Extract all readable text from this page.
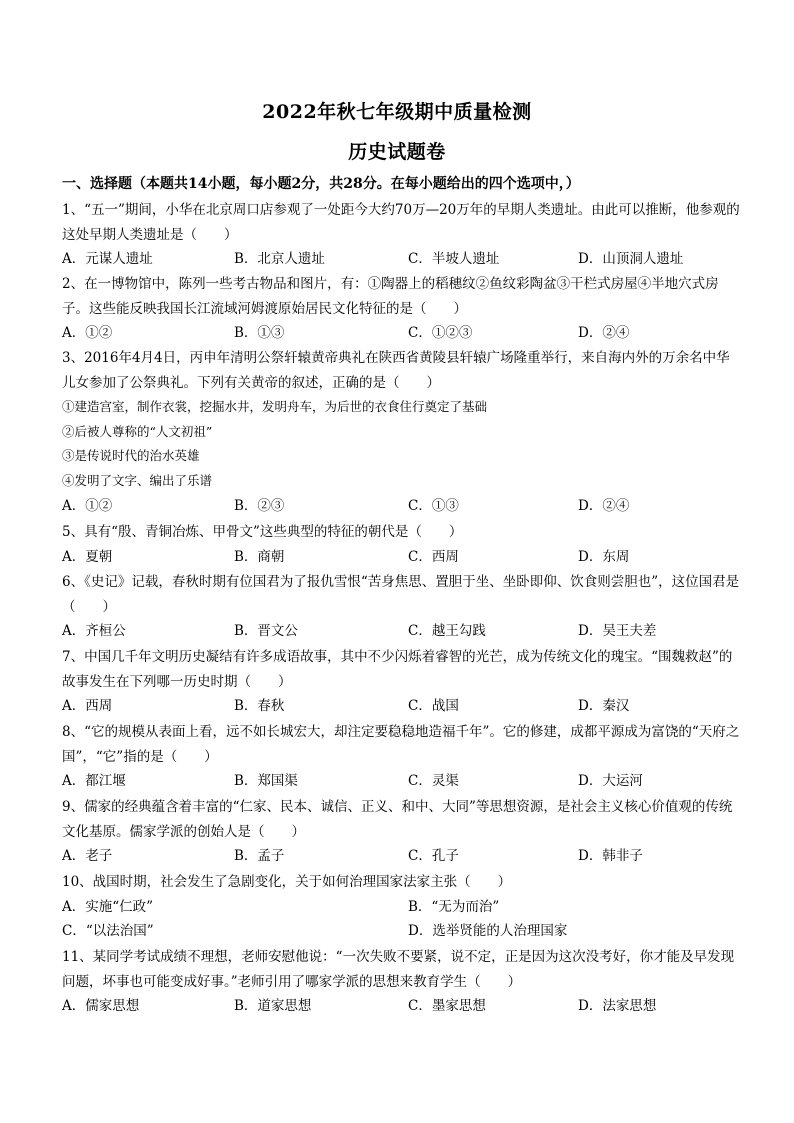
2022年秋七年级期中质量检测
历史试题卷
一、选择题（本题共14小题，每小题2分，共28分。在每小题给出的四个选项中，）

1、“五一”期间，小华在北京周口店参观了一处距今大约70万—20万年的早期人类遗址。由此可以推断，他参观的这处早期人类遗址是（　　）

A．元谋人遗址	B．北京人遗址	C．半坡人遗址	D．山顶洞人遗址

2、在一博物馆中，陈列一些考古物品和图片，有：①陶器上的稻穗纹②鱼纹彩陶盆③干栏式房屋④半地穴式房子。这些能反映我国长江流域河姆渡原始居民文化特征的是（　　）

A．①②	B．①③	C．①②③	D．②④

3、2016年4月4日，丙申年清明公祭轩辕黄帝典礼在陕西省黄陵县轩辕广场隆重举行，来自海内外的万余名中华儿女参加了公祭典礼。下列有关黄帝的叙述，正确的是（　　）

①建造宫室，制作衣裳，挖掘水井，发明舟车，为后世的衣食住行奠定了基础

②后被人尊称的“人文初祖”

③是传说时代的治水英雄

④发明了文字、编出了乐谱

A．①②	B．②③	C．①③	D．②④

5、具有“殷、青铜冶炼、甲骨文”这些典型的特征的朝代是（　　）

A．夏朝	B．商朝	C．西周	D．东周

6、《史记》记载，春秋时期有位国君为了报仇雪恨“苦身焦思、置胆于坐、坐卧即仰、饮食则尝胆也”，这位国君是（　　）

A．齐桓公	B．晋文公	C．越王勾践	D．吴王夫差

7、中国几千年文明历史凝结有许多成语故事，其中不少闪烁着睿智的光芒，成为传统文化的瑰宝。“围魏救赵”的故事发生在下列哪一历史时期（　　）

A．西周	B．春秋	C．战国	D．秦汉

8、“它的规模从表面上看，远不如长城宏大，却注定要稳稳地造福千年”。它的修建，成都平源成为富饶的“天府之国”，“它”指的是（　　）

A．都江堰	B．郑国渠	C．灵渠	D．大运河

9、儒家的经典蕴含着丰富的“仁家、民本、诚信、正义、和中、大同”等思想资源，是社会主义核心价值观的传统文化基原。儒家学派的创始人是（　　）

A．老子	B．孟子	C．孔子	D．韩非子

10、战国时期，社会发生了急剧变化，关于如何治理国家法家主张（　　）

A．实施“仁政”	B．“无为而治”
C．“以法治国”	D．选举贤能的人治理国家

11、某同学考试成绩不理想，老师安慰他说：“一次失败不要紧，说不定，正是因为这次没考好，你才能及早发现问题，坏事也可能变成好事。”老师引用了哪家学派的思想来教育学生（　　）

A．儒家思想	B．道家思想	C．墨家思想	D．法家思想
